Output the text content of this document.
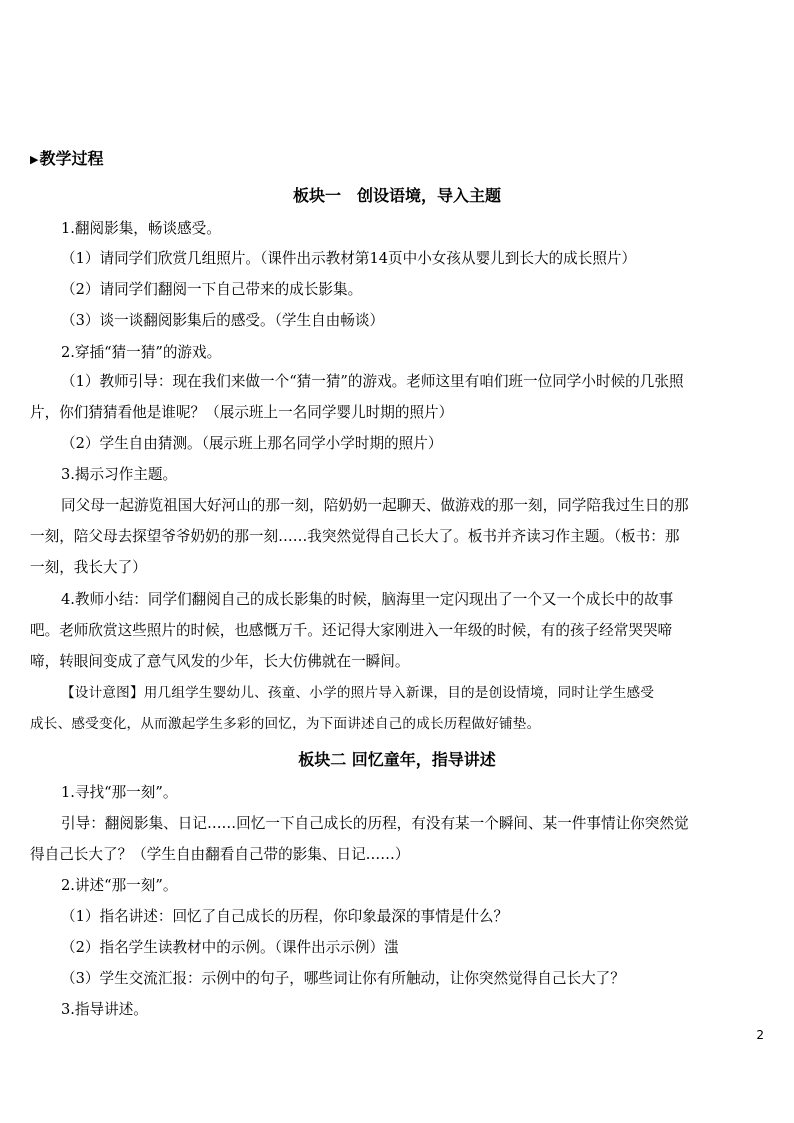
▶教学过程
板块一　创设语境，导入主题
1.翻阅影集，畅谈感受。
（1）请同学们欣赏几组照片。（课件出示教材第14页中小女孩从婴儿到长大的成长照片）
（2）请同学们翻阅一下自己带来的成长影集。
（3）谈一谈翻阅影集后的感受。（学生自由畅谈）
2.穿插“猜一猜”的游戏。
（1）教师引导：现在我们来做一个“猜一猜”的游戏。老师这里有咱们班一位同学小时候的几张照
片，你们猜猜看他是谁呢？（展示班上一名同学婴儿时期的照片）
（2）学生自由猜测。（展示班上那名同学小学时期的照片）
3.揭示习作主题。
同父母一起游览祖国大好河山的那一刻，陪奶奶一起聊天、做游戏的那一刻，同学陪我过生日的那
一刻，陪父母去探望爷爷奶奶的那一刻……我突然觉得自己长大了。板书并齐读习作主题。（板书：那
一刻，我长大了）
4.教师小结：同学们翻阅自己的成长影集的时候，脑海里一定闪现出了一个又一个成长中的故事
吧。老师欣赏这些照片的时候，也感慨万千。还记得大家刚进入一年级的时候，有的孩子经常哭哭啼
啼，转眼间变成了意气风发的少年，长大仿佛就在一瞬间。
【设计意图】用几组学生婴幼儿、孩童、小学的照片导入新课，目的是创设情境，同时让学生感受
成长、感受变化，从而激起学生多彩的回忆，为下面讲述自己的成长历程做好铺垫。
板块二 回忆童年，指导讲述
1.寻找“那一刻”。
引导：翻阅影集、日记……回忆一下自己成长的历程，有没有某一个瞬间、某一件事情让你突然觉
得自己长大了？（学生自由翻看自己带的影集、日记……）
2.讲述“那一刻”。
（1）指名讲述：回忆了自己成长的历程，你印象最深的事情是什么？
（2）指名学生读教材中的示例。（课件出示示例）滍
（3）学生交流汇报：示例中的句子，哪些词让你有所触动，让你突然觉得自己长大了？
3.指导讲述。
2
